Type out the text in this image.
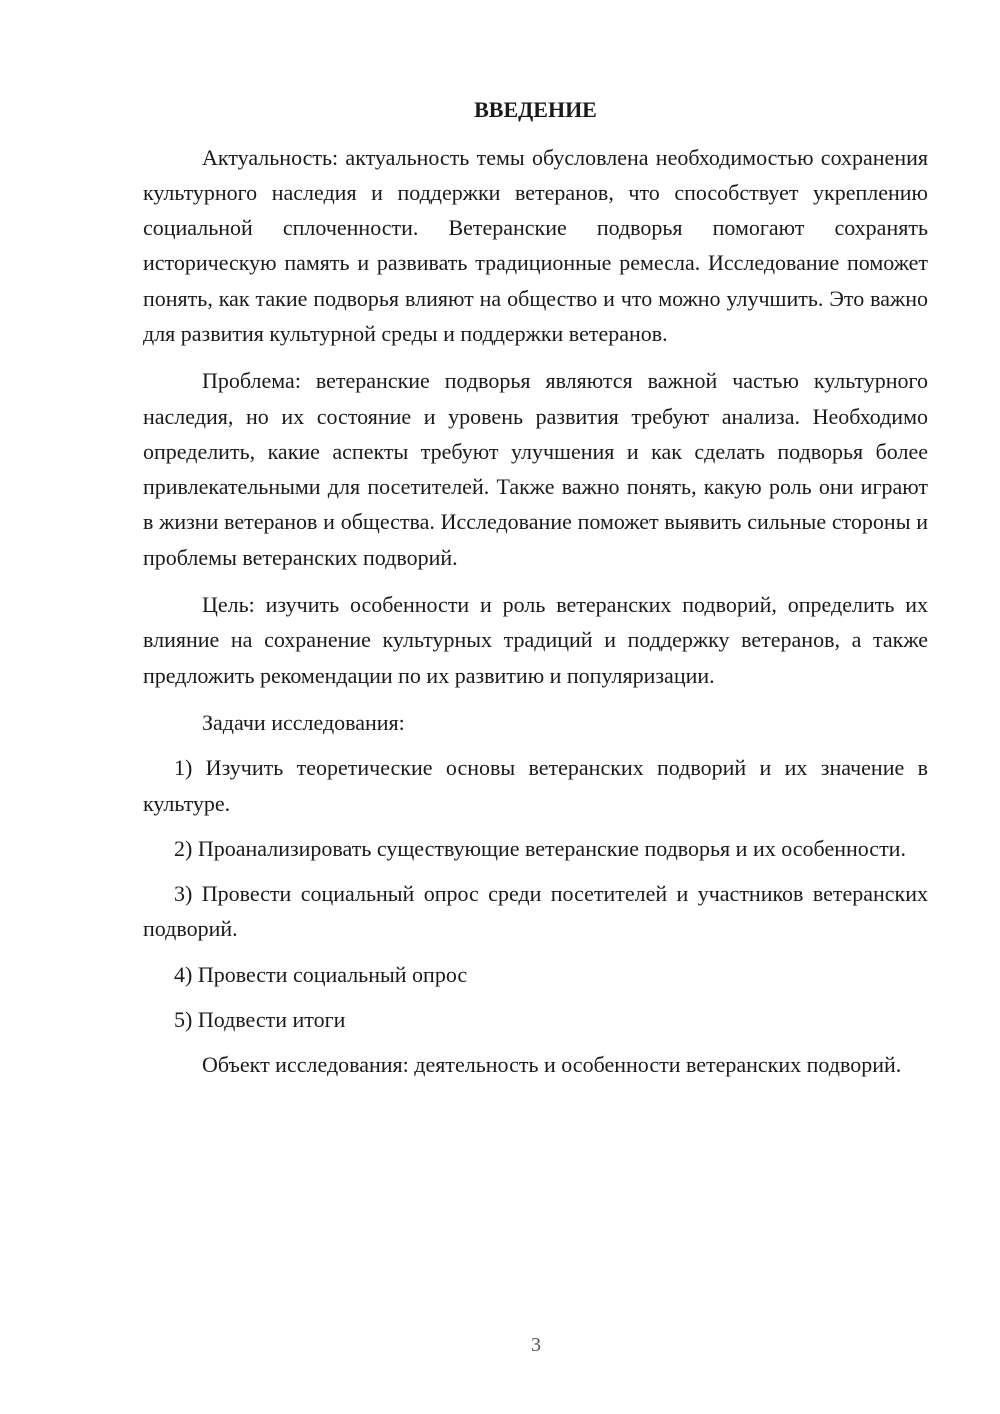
ВВЕДЕНИЕ

Актуальность: актуальность темы обусловлена необходимостью сохранения культурного наследия и поддержки ветеранов, что способствует укреплению социальной сплоченности. Ветеранские подворья помогают сохранять историческую память и развивать традиционные ремесла. Исследование поможет понять, как такие подворья влияют на общество и что можно улучшить. Это важно для развития культурной среды и поддержки ветеранов.

Проблема: ветеранские подворья являются важной частью культурного наследия, но их состояние и уровень развития требуют анализа. Необходимо определить, какие аспекты требуют улучшения и как сделать подворья более привлекательными для посетителей. Также важно понять, какую роль они играют в жизни ветеранов и общества. Исследование поможет выявить сильные стороны и проблемы ветеранских подворий.

Цель: изучить особенности и роль ветеранских подворий, определить их влияние на сохранение культурных традиций и поддержку ветеранов, а также предложить рекомендации по их развитию и популяризации.

Задачи исследования:

1) Изучить теоретические основы ветеранских подворий и их значение в культуре.

2) Проанализировать существующие ветеранские подворья и их особенности.

3) Провести социальный опрос среди посетителей и участников ветеранских подворий.

4) Провести социальный опрос

5) Подвести итоги

Объект исследования: деятельность и особенности ветеранских подворий.

3
